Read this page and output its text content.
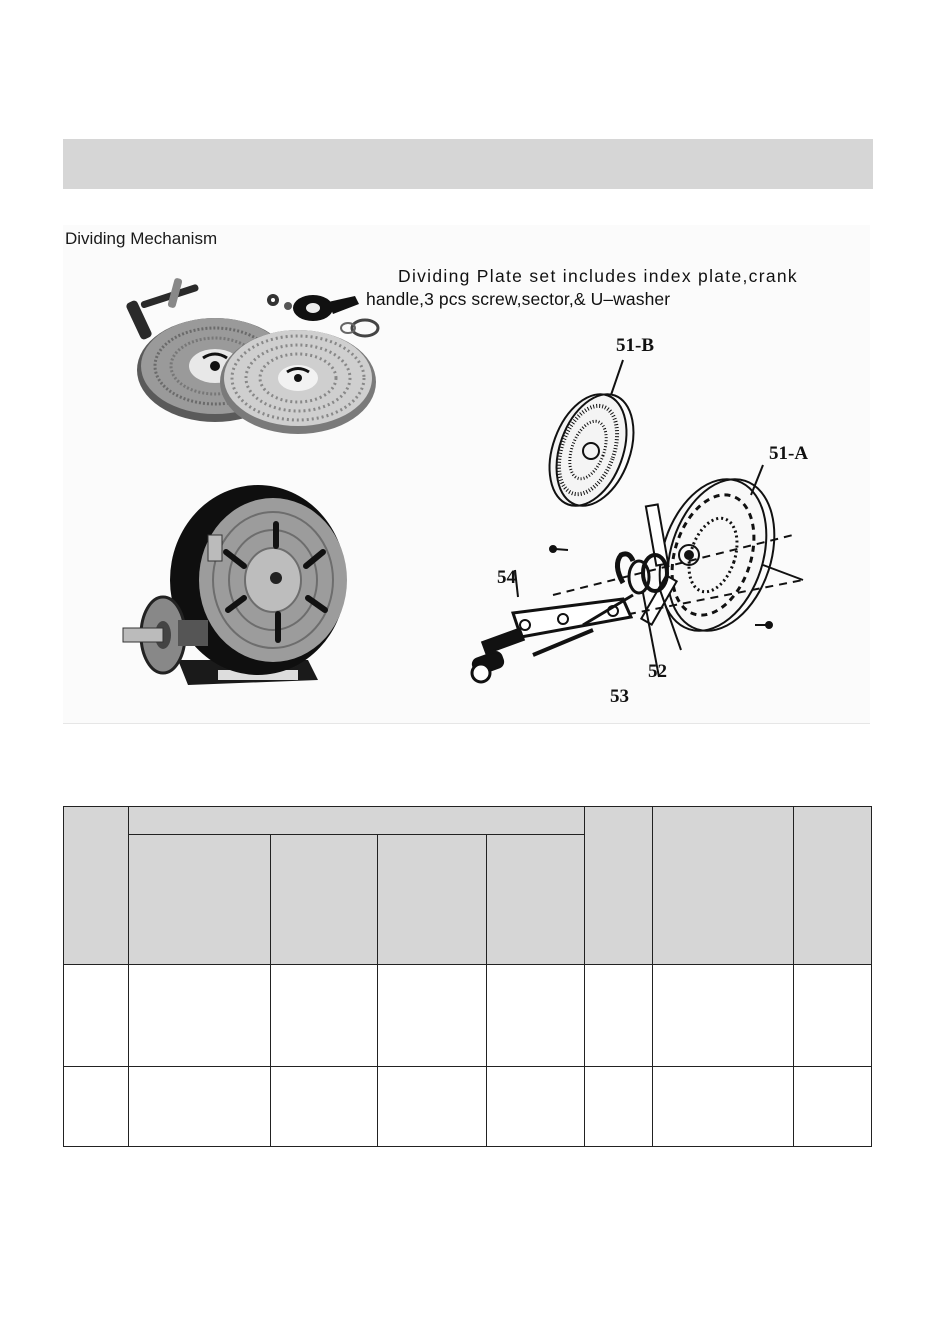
Dividing Mechanism
Dividing Plate set includes index plate,crank
handle,3 pcs screw,sector,& U–washer
51-B
51-A
54
52
53
